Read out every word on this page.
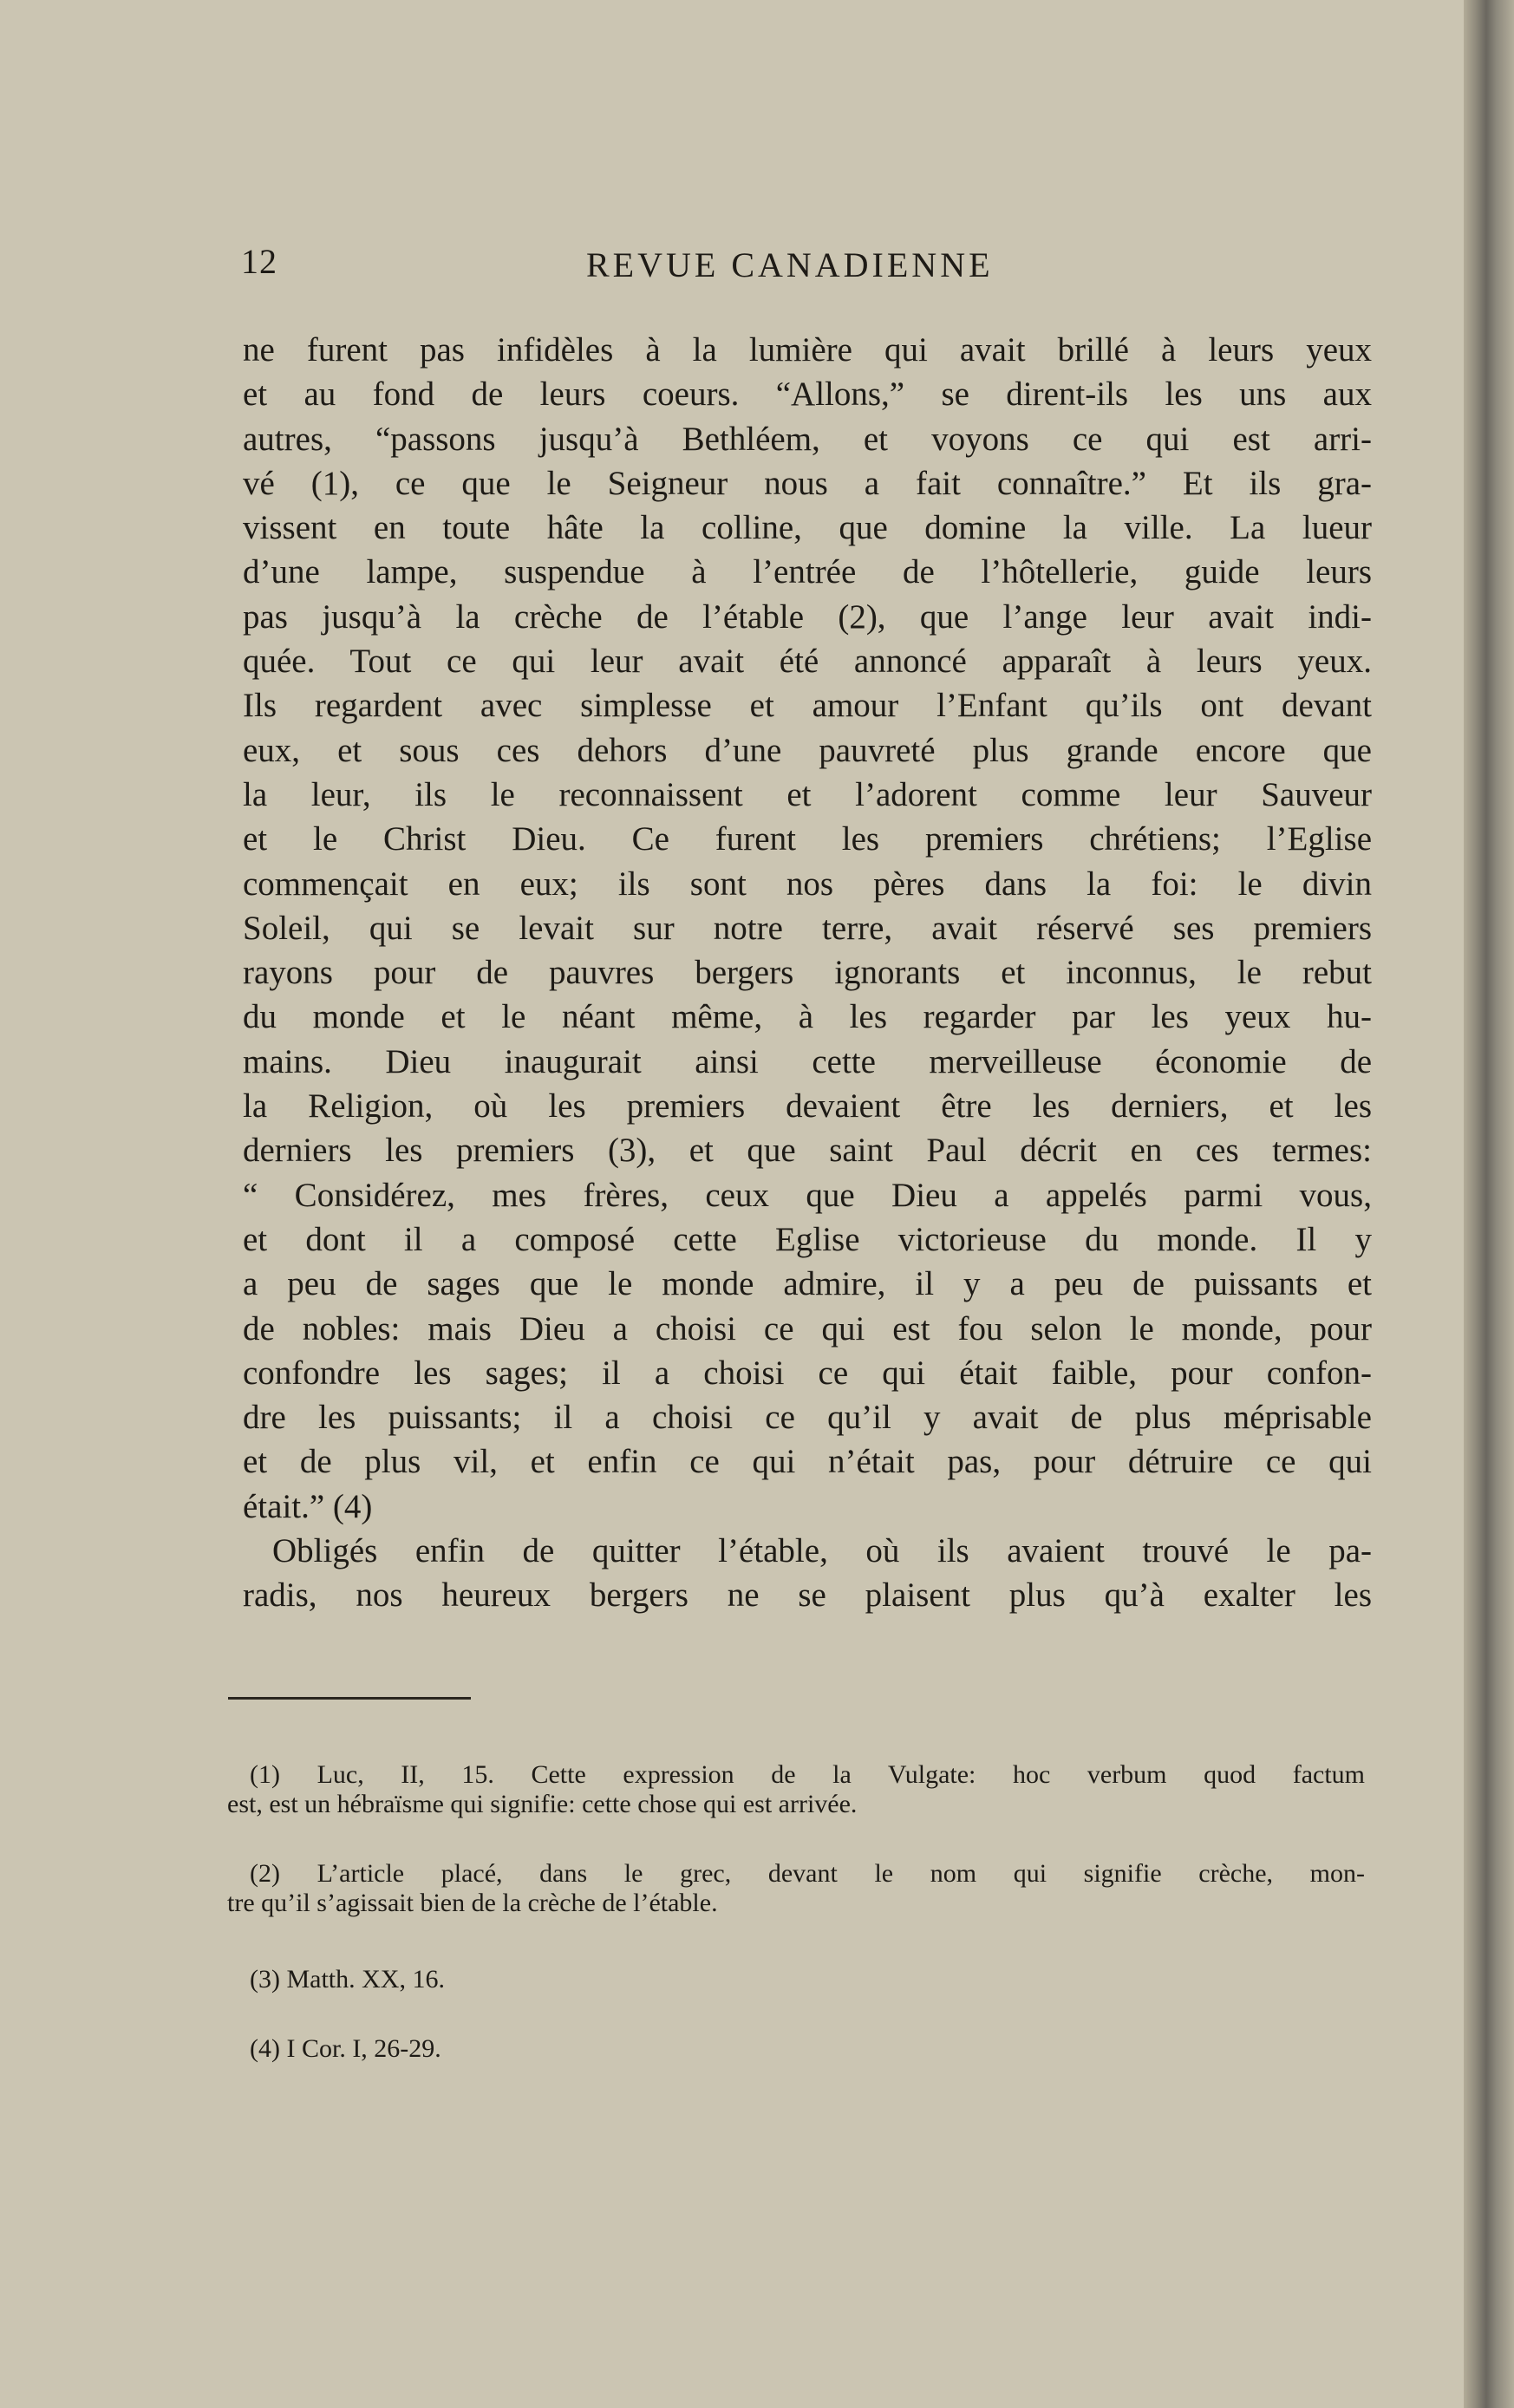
12	REVUE CANADIENNE
ne furent pas infidèles à la lumière qui avait brillé à leurs yeux
et au fond de leurs coeurs. “Allons,” se dirent-ils les uns aux
autres, “passons jusqu’à Bethléem, et voyons ce qui est arri-
vé (1), ce que le Seigneur nous a fait connaître.” Et ils gra-
vissent en toute hâte la colline, que domine la ville. La lueur
d’une lampe, suspendue à l’entrée de l’hôtellerie, guide leurs
pas jusqu’à la crèche de l’étable (2), que l’ange leur avait indi-
quée. Tout ce qui leur avait été annoncé apparaît à leurs yeux.
Ils regardent avec simplesse et amour l’Enfant qu’ils ont devant
eux, et sous ces dehors d’une pauvreté plus grande encore que
la leur, ils le reconnaissent et l’adorent comme leur Sauveur
et le Christ Dieu. Ce furent les premiers chrétiens; l’Eglise
commençait en eux; ils sont nos pères dans la foi: le divin
Soleil, qui se levait sur notre terre, avait réservé ses premiers
rayons pour de pauvres bergers ignorants et inconnus, le rebut
du monde et le néant même, à les regarder par les yeux hu-
mains. Dieu inaugurait ainsi cette merveilleuse économie de
la Religion, où les premiers devaient être les derniers, et les
derniers les premiers (3), et que saint Paul décrit en ces termes:
“ Considérez, mes frères, ceux que Dieu a appelés parmi vous,
et dont il a composé cette Eglise victorieuse du monde. Il y
a peu de sages que le monde admire, il y a peu de puissants et
de nobles: mais Dieu a choisi ce qui est fou selon le monde, pour
confondre les sages; il a choisi ce qui était faible, pour confon-
dre les puissants; il a choisi ce qu’il y avait de plus méprisable
et de plus vil, et enfin ce qui n’était pas, pour détruire ce qui
était.” (4)
Obligés enfin de quitter l’étable, où ils avaient trouvé le pa-
radis, nos heureux bergers ne se plaisent plus qu’à exalter les
(1) Luc, II, 15. Cette expression de la Vulgate: hoc verbum quod factum
est, est un hébraïsme qui signifie: cette chose qui est arrivée.
(2) L’article placé, dans le grec, devant le nom qui signifie crèche, mon-
tre qu’il s’agissait bien de la crèche de l’étable.
(3) Matth. XX, 16.
(4) I Cor. I, 26-29.
